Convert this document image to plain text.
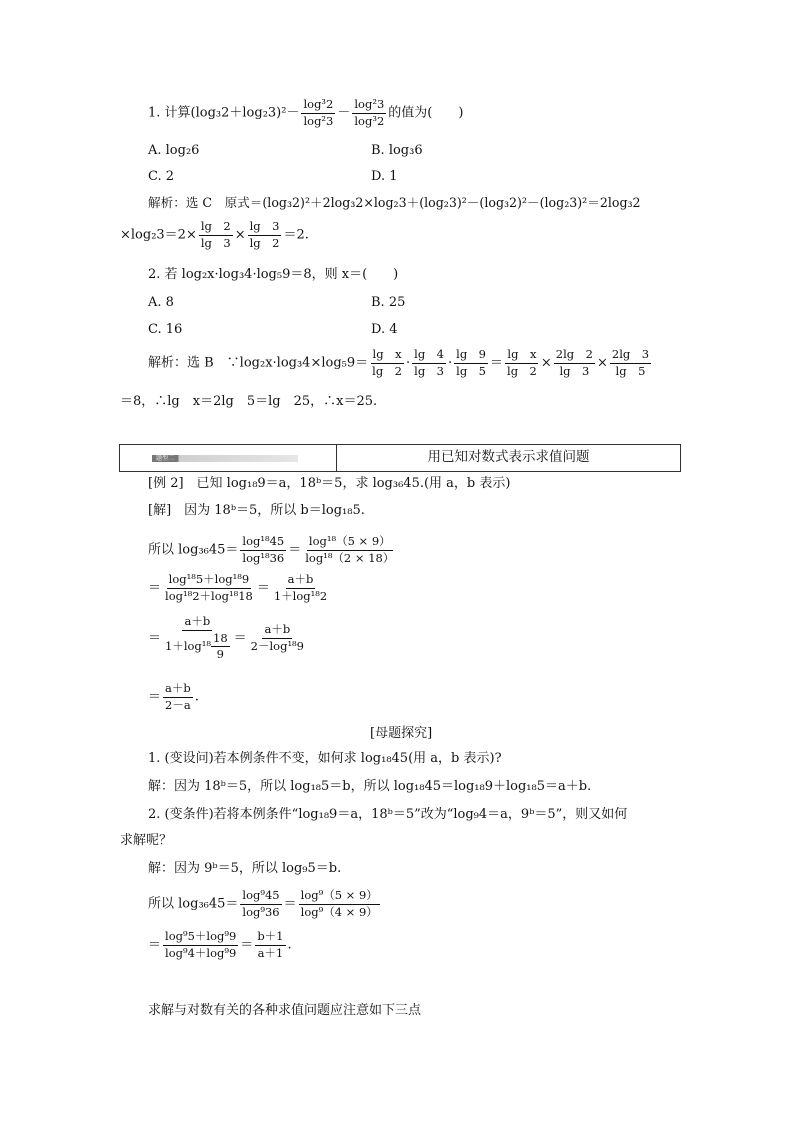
1. 计算$(\log_32+\log_23)^2- \frac{\text{log³2}}{\text{log²3}} - \frac{\text{log²3}}{\text{log³2}}$ 的值为(　　)
A. log₂6	B. log₃6
C. 2	D. 1
解析：选 C　原式＝(log₃2)²＋2log₃2×log₂3＋(log₂3)²－(log₃2)²－(log₂3)²＝2log₃2
$\times\log_23=2\times \frac{\lg 2}{\lg 3} \times \frac{\lg 3}{\lg 2} =2$.
2. 若 log₂x·log₃4·log₅9＝8，则 x＝(　　)
A. 8	B. 25
C. 16	D. 4
解析：选 B　∵log₂x·log₃4×log₅9＝ $\frac{\text{lg　x}}{\lg 2} \cdot \frac{\lg 4}{\lg 3} \cdot \frac{\lg 9}{\lg 5} = \frac{\text{lg　x}}{\lg 2} \times \frac{2\lg 2}{\lg 3} \times \frac{2\lg 3}{\lg 5}$
＝8，∴lg　x＝2lg　5＝lg　25，∴x＝25.
题型二	用已知对数式表示求值问题
[例 2]　已知 log₁₈9＝a，18ᵇ＝5，求 log₃₆45.(用 a，b 表示)
[解]　因为 18ᵇ＝5，所以 b＝log₁₈5.
所以 $\log_{36}45= \frac{\text{log¹⁸45}}{\text{log¹⁸36}} = \frac{\text{log¹⁸（5 × 9）}}{\text{log¹⁸（2 × 18）}}$
＝ $\frac{\text{log¹⁸5＋log¹⁸9}}{\text{log¹⁸2＋log¹⁸18}} = \frac{a+b}{\text{1＋log¹⁸2}}$
＝ $\frac{a+b}{1+\log^{18} \frac{18}{9}} = \frac{a+b}{\text{2－log¹⁸9}}$
＝ $\frac{a+b}{2-a}$ .
[母题探究]
1. (变设问)若本例条件不变，如何求 log₁₈45(用 a，b 表示)?
解：因为 18ᵇ＝5，所以 log₁₈5＝b，所以 log₁₈45＝log₁₈9＋log₁₈5＝a＋b.
2. (变条件)若将本例条件“log₁₈9＝a，18ᵇ＝5”改为“log₉4＝a，9ᵇ＝5”，则又如何
求解呢？
解：因为 9ᵇ＝5，所以 log₉5＝b.
所以 $\log_{36}45= \frac{\text{log⁹45}}{\text{log⁹36}} = \frac{\text{log⁹（5 × 9）}}{\text{log⁹（4 × 9）}}$
＝ $\frac{\text{log⁹5＋log⁹9}}{\text{log⁹4＋log⁹9}} = \frac{b+1}{a+1}$ .
求解与对数有关的各种求值问题应注意如下三点
